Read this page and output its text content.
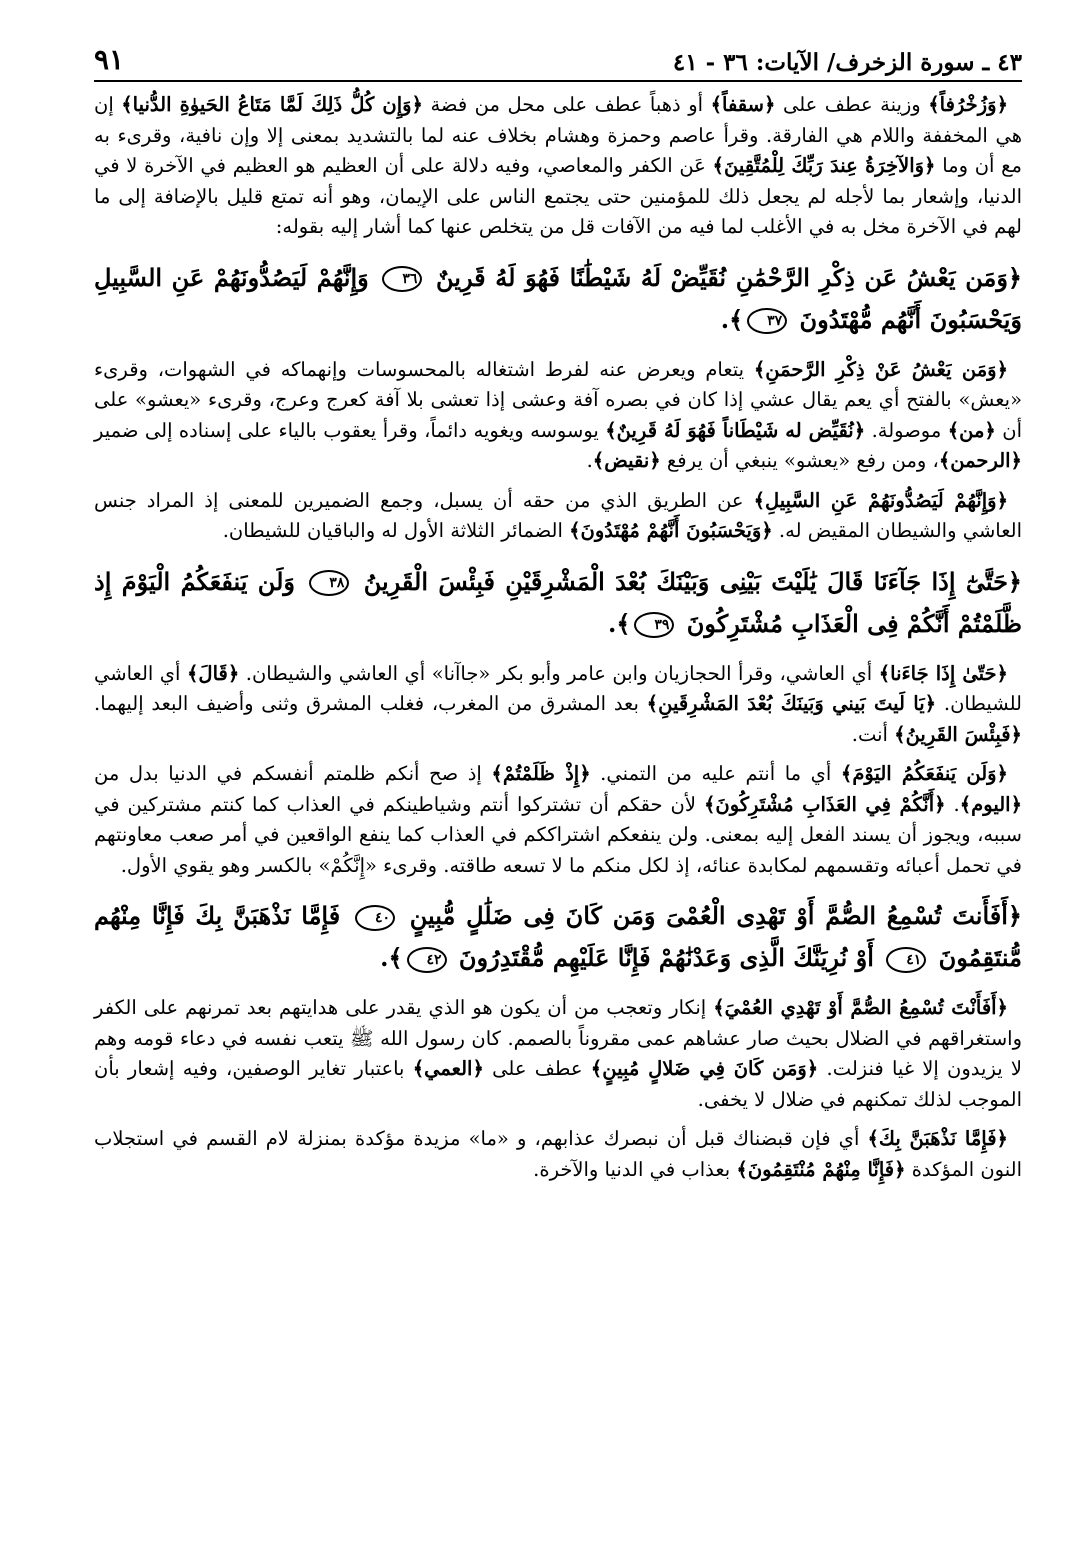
٤٣ ـ سورة الزخرف/ الآيات: ٣٦ - ٤١
٩١

﴿وَزُخْرُفاً﴾ وزينة عطف على ﴿سقفاً﴾ أو ذهباً عطف على محل من فضة ﴿وَإِن كُلُّ ذَلِكَ لَمَّا مَتَاعُ الحَيوٰةِ الدُّنيا﴾ إن هي المخففة واللام هي الفارقة. وقرأ عاصم وحمزة وهشام بخلاف عنه لما بالتشديد بمعنى إلا وإن نافية، وقرىء به مع أن وما ﴿وَالآخِرَةُ عِندَ رَبِّكَ لِلْمُتَّقِينَ﴾ عَن الكفر والمعاصي، وفيه دلالة على أن العظيم هو العظيم في الآخرة لا في الدنيا، وإشعار بما لأجله لم يجعل ذلك للمؤمنين حتى يجتمع الناس على الإيمان، وهو أنه تمتع قليل بالإضافة إلى ما لهم في الآخرة مخل به في الأغلب لما فيه من الآفات قل من يتخلص عنها كما أشار إليه بقوله:

﴿وَمَن يَعْشُ عَن ذِكْرِ الرَّحْمَٰنِ نُقَيِّضْ لَهُ شَيْطَٰنًا فَهُوَ لَهُ قَرِينٌ ٣٦ وَإِنَّهُمْ لَيَصُدُّونَهُمْ عَنِ السَّبِيلِ وَيَحْسَبُونَ أَنَّهُم مُّهْتَدُونَ ٣٧﴾.

﴿وَمَن يَعْشُ عَنْ ذِكْرِ الرَّحمَنِ﴾ يتعام ويعرض عنه لفرط اشتغاله بالمحسوسات وإنهماكه في الشهوات، وقرىء «يعش» بالفتح أي يعم يقال عشي إذا كان في بصره آفة وعشى إذا تعشى بلا آفة كعرج وعرج، وقرىء «يعشو» على أن ﴿من﴾ موصولة. ﴿نُقَيِّض له شَيْطَاناً فَهُوَ لَهُ قَرِينٌ﴾ يوسوسه ويغويه دائماً، وقرأ يعقوب بالياء على إسناده إلى ضمير ﴿الرحمن﴾، ومن رفع «يعشو» ينبغي أن يرفع ﴿نقيض﴾.

﴿وَإِنَّهُمْ لَيَصُدُّونَهُمْ عَنِ السَّبِيلِ﴾ عن الطريق الذي من حقه أن يسبل، وجمع الضميرين للمعنى إذ المراد جنس العاشي والشيطان المقيض له. ﴿وَيَحْسَبُونَ أَنَّهُمْ مُهْتَدُونَ﴾ الضمائر الثلاثة الأول له والباقيان للشيطان.

﴿حَتَّىٰٓ إِذَا جَآءَنَا قَالَ يَٰلَيْتَ بَيْنِى وَبَيْنَكَ بُعْدَ الْمَشْرِقَيْنِ فَبِئْسَ الْقَرِينُ ٣٨ وَلَن يَنفَعَكُمُ الْيَوْمَ إِذ ظَّلَمْتُمْ أَنَّكُمْ فِى الْعَذَابِ مُشْتَرِكُونَ ٣٩﴾.

﴿حَتّىٰ إِذَا جَاءَنا﴾ أي العاشي، وقرأ الحجازيان وابن عامر وأبو بكر «جاآنا» أي العاشي والشيطان. ﴿قَالَ﴾ أي العاشي للشيطان. ﴿يَا لَيتَ بَيني وَبَينَكَ بُعْدَ المَشْرِقَينِ﴾ بعد المشرق من المغرب، فغلب المشرق وثنى وأضيف البعد إليهما. ﴿فَبِئْسَ القَرِينُ﴾ أنت.

﴿وَلَن يَنفَعَكُمُ اليَوْمَ﴾ أي ما أنتم عليه من التمني. ﴿إِذْ ظَلَمْتُمْ﴾ إذ صح أنكم ظلمتم أنفسكم في الدنيا بدل من ﴿اليوم﴾. ﴿أَنَّكُمْ فِي العَذَابِ مُشْتَرِكُونَ﴾ لأن حقكم أن تشتركوا أنتم وشياطينكم في العذاب كما كنتم مشتركين في سببه، ويجوز أن يسند الفعل إليه بمعنى. ولن ينفعكم اشتراككم في العذاب كما ينفع الواقعين في أمر صعب معاونتهم في تحمل أعبائه وتقسمهم لمكابدة عنائه، إذ لكل منكم ما لا تسعه طاقته. وقرىء «إِنَّكُمْ» بالكسر وهو يقوي الأول.

﴿أَفَأَنتَ تُسْمِعُ الصُّمَّ أَوْ تَهْدِى الْعُمْىَ وَمَن كَانَ فِى ضَلَٰلٍ مُّبِينٍ ٤٠ فَإِمَّا نَذْهَبَنَّ بِكَ فَإِنَّا مِنْهُم مُّنتَقِمُونَ ٤١ أَوْ نُرِيَنَّكَ الَّذِى وَعَدْنَٰهُمْ فَإِنَّا عَلَيْهِم مُّقْتَدِرُونَ ٤٢﴾.

﴿أَفَأَنْتَ تُسْمِعُ الصُّمَّ أَوْ تَهْدِي العُمْيَ﴾ إنكار وتعجب من أن يكون هو الذي يقدر على هدايتهم بعد تمرنهم على الكفر واستغراقهم في الضلال بحيث صار عشاهم عمى مقروناً بالصمم. كان رسول الله ﷺ يتعب نفسه في دعاء قومه وهم لا يزيدون إلا غيا فنزلت. ﴿وَمَن كَانَ فِي ضَلالٍ مُبِينٍ﴾ عطف على ﴿العمي﴾ باعتبار تغاير الوصفين، وفيه إشعار بأن الموجب لذلك تمكنهم في ضلال لا يخفى.

﴿فَإِمَّا نَذْهَبَنَّ بِكَ﴾ أي فإن قبضناك قبل أن نبصرك عذابهم، و «ما» مزيدة مؤكدة بمنزلة لام القسم في استجلاب النون المؤكدة ﴿فَإِنَّا مِنْهُمْ مُنْتَقِمُونَ﴾ بعذاب في الدنيا والآخرة.
